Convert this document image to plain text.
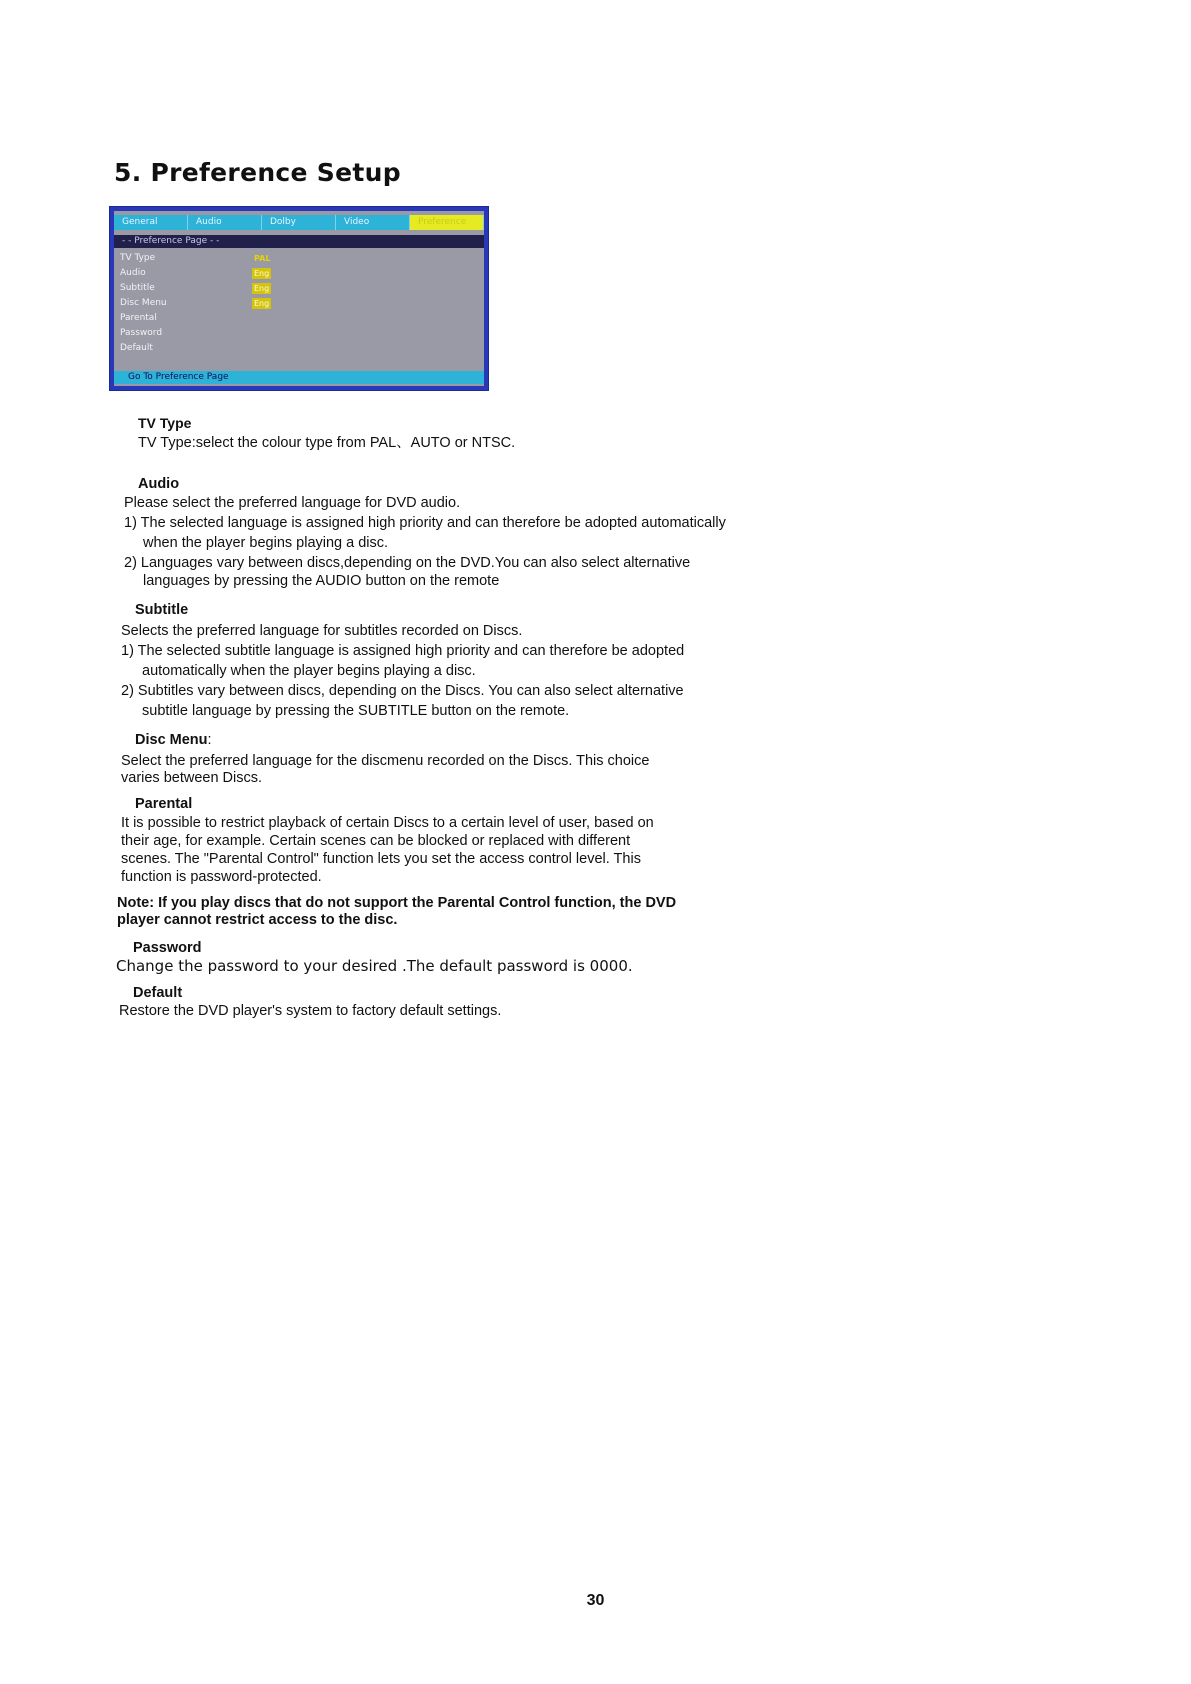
5. Preference Setup
General	Audio	Dolby	Video	Preference
- - Preference Page - -
TV Type	PAL
Audio	Eng
Subtitle	Eng
Disc Menu	Eng
Parental
Password
Default
Go To Preference Page

TV Type

TV Type:select the colour type from PAL、AUTO or NTSC.

Audio

Please select the preferred language for DVD audio.

1) The selected language is assigned high priority and can therefore be adopted automatically

when the player begins playing a disc.

2) Languages vary between discs,depending on the DVD.You can also select alternative

languages by pressing the AUDIO button on the remote

Subtitle

Selects the preferred language for subtitles recorded on Discs.

1) The selected subtitle language is assigned high priority and can therefore be adopted

automatically when the player begins playing a disc.

2) Subtitles vary between discs, depending on the Discs. You can also select alternative

subtitle language by pressing the SUBTITLE button on the remote.

Disc Menu:

Select the preferred language for the discmenu recorded on the Discs. This choice

varies between Discs.

Parental

It is possible to restrict playback of certain Discs to a certain level of user, based on

their age, for example. Certain scenes can be blocked or replaced with different

scenes. The "Parental Control" function lets you set the access control level. This

function is password-protected.

Note: If you play discs that do not support the Parental Control function, the DVD

player cannot restrict access to the disc.

Password

Change the password to your desired .The default password is 0000.

Default

Restore the DVD player's system to factory default settings.

30
